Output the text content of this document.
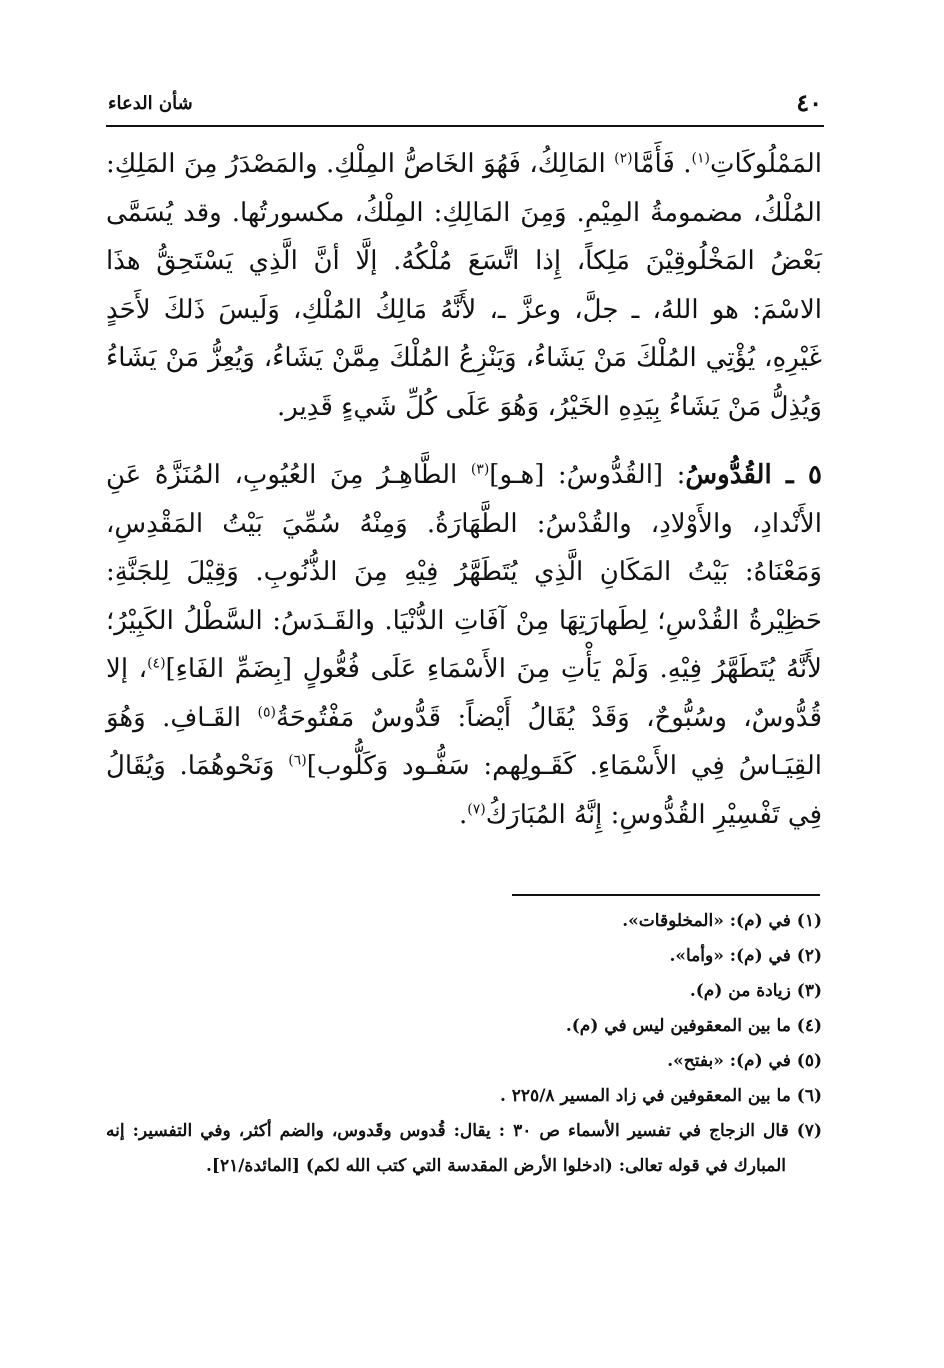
٤٠
شأن الدعاء

المَمْلُوكَاتِ$^{(١)}$. فَأَمَّا$^{(٢)}$ المَالِكُ، فَهُوَ الخَاصُّ المِلْكِ. والمَصْدَرُ مِنَ المَلِكِ: المُلْكُ، مضمومةُ المِيْمِ. وَمِنَ المَالِكِ: المِلْكُ، مكسورتُها. وقد يُسَمَّى بَعْضُ المَخْلُوقِيْنَ مَلِكاً، إِذا اتَّسَعَ مُلْكُهُ. إلَّا أنَّ الَّذِي يَسْتَحِقُّ هذَا الاسْمَ: هو اللهُ، ـ جلَّ، وعزَّ ـ، لأَنَّهُ مَالِكُ المُلْكِ، وَلَيسَ ذَلكَ لأَحَدٍ غَيْرِهِ، يُؤْتِي المُلْكَ مَنْ يَشَاءُ، وَيَنْزِعُ المُلْكَ مِمَّنْ يَشَاءُ، وَيُعِزُّ مَنْ يَشَاءُ وَيُذِلُّ مَنْ يَشَاءُ بِيَدِهِ الخَيْرُ، وَهُوَ عَلَى كُلِّ شَيءٍ قَدِير.

٥ ـ القُدُّوسُ: [القُدُّوسُ: [هـو]$^{(٣)}$ الطَّاهِـرُ مِنَ العُيُوبِ، المُنَزَّهُ عَنِ الأَنْدادِ، والأَوْلادِ، والقُدْسُ: الطَّهَارَةُ. وَمِنْهُ سُمِّيَ بَيْتُ المَقْدِسِ، وَمَعْنَاهُ: بَيْتُ المَكَانِ الَّذِي يُتَطَهَّرُ فِيْهِ مِنَ الذُّنُوبِ. وَقِيْلَ لِلجَنَّةِ: حَظِيْرةُ القُدْسِ؛ لِطَهارَتِهَا مِنْ آفَاتِ الدُّنْيَا. والقَـدَسُ: السَّطْلُ الكَبِيْرُ؛ لأَنَّهُ يُتَطَهَّرُ فِيْهِ. وَلَمْ يَأْتِ مِنَ الأَسْمَاءِ عَلَى فُعُّولٍ [بِضَمِّ الفَاءِ]$^{(٤)}$، إلا قُدُّوسٌ، وسُبُّوحٌ، وَقَدْ يُقَالُ أَيْضاً: قَدُّوسٌ مَفْتُوحَةُ$^{(٥)}$ القَـافِ. وَهُوَ القِيَـاسُ فِي الأَسْمَاءِ. كَقَـولِهم: سَفُّـود وَكَلُّوب]$^{(٦)}$ وَنَحْوهُمَا. وَيُقَالُ فِي تَفْسِيْرِ القُدُّوسِ: إِنَّهُ المُبَارَكُ$^{(٧)}$.

(١) في (م): «المخلوقات».

(٢) في (م): «وأما».

(٣) زيادة من (م).

(٤) ما بين المعقوفين ليس في (م).

(٥) في (م): «بفتح».

(٦) ما بين المعقوفين في زاد المسير ٢٢٥/٨ .

(٧) قال الزجاج في تفسير الأسماء ص ٣٠ : يقال: قُدوس وقَدوس، والضم أكثر، وفي التفسير: إنه المبارك في قوله تعالى: (ادخلوا الأرض المقدسة التي كتب الله لكم) [المائدة/٢١].
